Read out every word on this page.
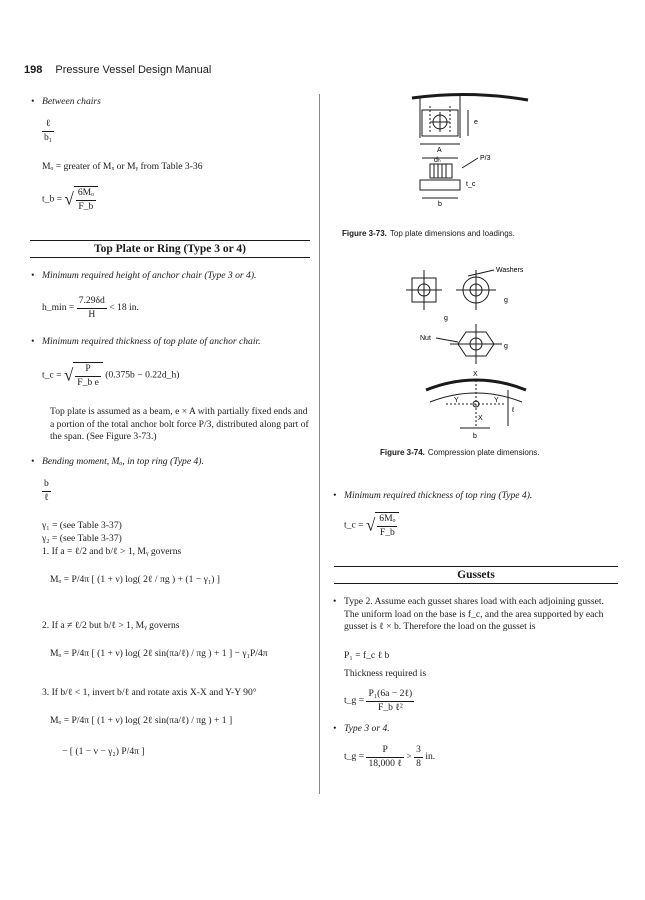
198 Pressure Vessel Design Manual
• Between chairs
$\frac{\text{ℓ}}{\text{b₁}}$
Mₒ = greater of Mₓ or Mᵧ from Table 3-36
t_b = √ $\frac{\text{6Mₒ}}{F\_b}$
Top Plate or Ring (Type 3 or 4)
• Minimum required height of anchor chair (Type 3 or 4).
h_min = $\frac{7.29\delta d}{H} < 18$ in.
• Minimum required thickness of top plate of anchor chair.
t_c = √ $\frac{P}{\text{F\_b e}} (0.375b$ − 0.22d_h)
Top plate is assumed as a beam, e × A with partially fixed ends and a portion of the total anchor bolt force P/3, distributed along part of the span. (See Figure 3-73.)
• Bending moment, Mₒ, in top ring (Type 4).
$\frac{b}{\text{ℓ}}$
γ₁ = (see Table 3-37)
γ₂ = (see Table 3-37)
1. If a = ℓ/2 and b/ℓ > 1, Mᵧ governs
Mₒ = P/4π [ (1 + ν) log( 2ℓ / πg ) + (1 − γ₁) ]
2. If a ≠ ℓ/2 but b/ℓ > 1, Mᵧ governs
Mₒ = P/4π [ (1 + ν) log( 2ℓ sin(πa/ℓ) / πg ) + 1 ] − γ₁P/4π
3. If b/ℓ < 1, invert b/ℓ and rotate axis X-X and Y-Y 90°
Mₒ = P/4π [ (1 + ν) log( 2ℓ sin(πa/ℓ) / πg ) + 1 ]
− [ (1 − ν − γ₂) P/4π ]
e
A
dₕ	P/3
t_c
b
Figure 3-73. Top plate dimensions and loadings.
Washers
g
g
Nut
g
X
Y	Y
X
ℓ
b
Figure 3-74. Compression plate dimensions.
• Minimum required thickness of top ring (Type 4).
t_c = √ $\frac{\text{6Mₒ}}{F\_b}$
Gussets
• Type 2. Assume each gusset shares load with each adjoining gusset. The uniform load on the base is f_c, and the area supported by each gusset is ℓ × b. Therefore the load on the gusset is
P₁ = f_c ℓ b
Thickness required is
t_g = $\frac{\text{P₁(6a − 2ℓ)}}{\text{F\_b ℓ²}}$
• Type 3 or 4.
t_g = $\frac{P}{\text{18,000 ℓ}} > \frac{3}{8}$ in.
